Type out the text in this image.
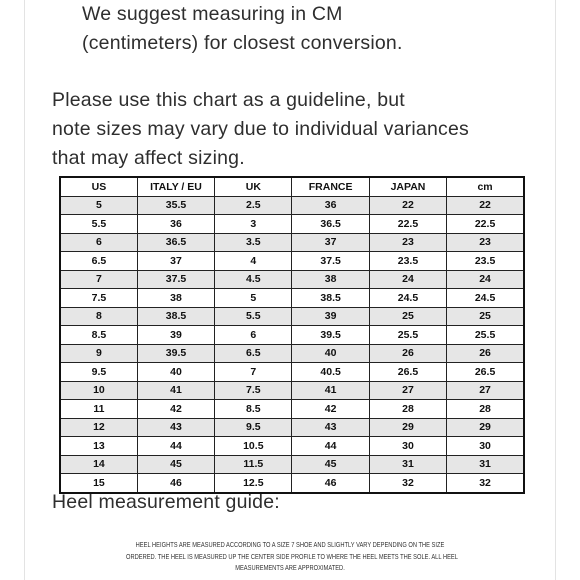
We suggest measuring in CM
(centimeters) for closest conversion.
Please use this chart as a guideline, but
note sizes may vary due to individual variances
that may affect sizing.
US	ITALY / EU	UK	FRANCE	JAPAN	cm
5	35.5	2.5	36	22	22
5.5	36	3	36.5	22.5	22.5
6	36.5	3.5	37	23	23
6.5	37	4	37.5	23.5	23.5
7	37.5	4.5	38	24	24
7.5	38	5	38.5	24.5	24.5
8	38.5	5.5	39	25	25
8.5	39	6	39.5	25.5	25.5
9	39.5	6.5	40	26	26
9.5	40	7	40.5	26.5	26.5
10	41	7.5	41	27	27
11	42	8.5	42	28	28
12	43	9.5	43	29	29
13	44	10.5	44	30	30
14	45	11.5	45	31	31
15	46	12.5	46	32	32
Heel measurement guide:
HEEL HEIGHTS ARE MEASURED ACCORDING TO A SIZE 7 SHOE AND SLIGHTLY VARY DEPENDING ON THE SIZE
ORDERED. THE HEEL IS MEASURED UP THE CENTER SIDE PROFILE TO WHERE THE HEEL MEETS THE SOLE. ALL HEEL
MEASUREMENTS ARE APPROXIMATED.
